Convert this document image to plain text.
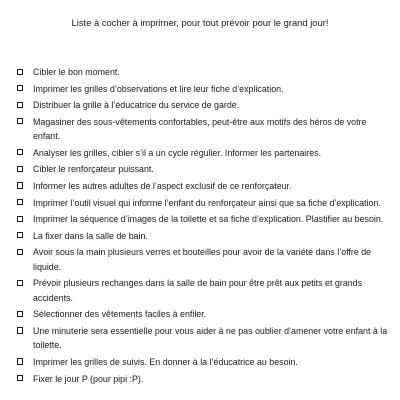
Liste à cocher à imprimer, pour tout prévoir pour le grand jour!
Cibler le bon moment.
Imprimer les grilles d’observations et lire leur fiche d’explication.
Distribuer la grille à l’éducatrice du service de garde.
Magasiner des sous-vêtements confortables, peut-être aux motifs des héros de votre enfant.
Analyser les grilles, cibler s’il a un cycle régulier. Informer les partenaires.
Cibler le renforçateur puissant.
Informer les autres adultes de l’aspect exclusif de ce renforçateur.
Imprimer l’outil visuel qui informe l’enfant du renforçateur ainsi que sa fiche d’explication.
Imprimer la séquence d’images de la toilette et sa fiche d’explication. Plastifier au besoin.
La fixer dans la salle de bain.
Avoir sous la main plusieurs verres et bouteilles pour avoir de la variété dans l’offre de liquide.
Prévoir plusieurs rechanges dans la salle de bain pour être prêt aux petits et grands accidents.
Sélectionner des vêtements faciles à enfiler.
Une minuterie sera essentielle pour vous aider à ne pas oublier d’amener votre enfant à la toilette.
Imprimer les grilles de suivis. En donner à la l’éducatrice au besoin.
Fixer le jour P (pour pipi :P).
